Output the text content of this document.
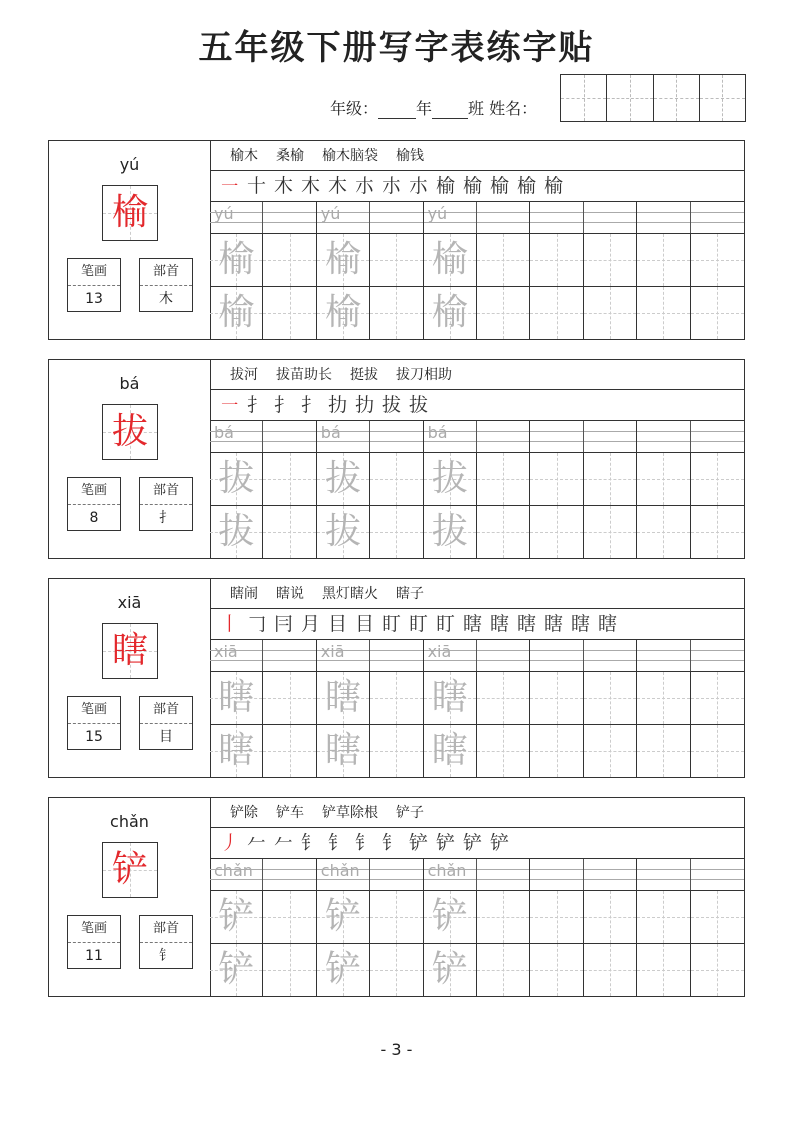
五年级下册写字表练字贴
年级： 年 班 姓名：
yú
榆
笔画
13
部首
木
榆木 桑榆 榆木脑袋 榆钱
㇐ 十 木 木 木 朩 朩 朩 榆 榆 榆 榆 榆
yú	yú	yú
榆 榆 榆
榆 榆 榆
bá
拔
笔画
8
部首
扌
拔河 拔苗助长 挺拔 拔刀相助
㇐ 扌 扌 扌 扐 扐 拔 拔
bá	bá	bá
拔 拔 拔
拔 拔 拔
xiā
瞎
笔画
15
部首
目
瞎闹 瞎说 黑灯瞎火 瞎子
丨 𠃌 冃 月 目 目 盯 盯 盯 瞎 瞎 瞎 瞎 瞎 瞎
xiā	xiā	xiā
瞎 瞎 瞎
瞎 瞎 瞎
chǎn
铲
笔画
11
部首
钅
铲除 铲车 铲草除根 铲子
丿 𠂉 𠂉 钅 钅 钅 钅 铲 铲 铲 铲
chǎn	chǎn	chǎn
铲 铲 铲
铲 铲 铲
- 3 -
